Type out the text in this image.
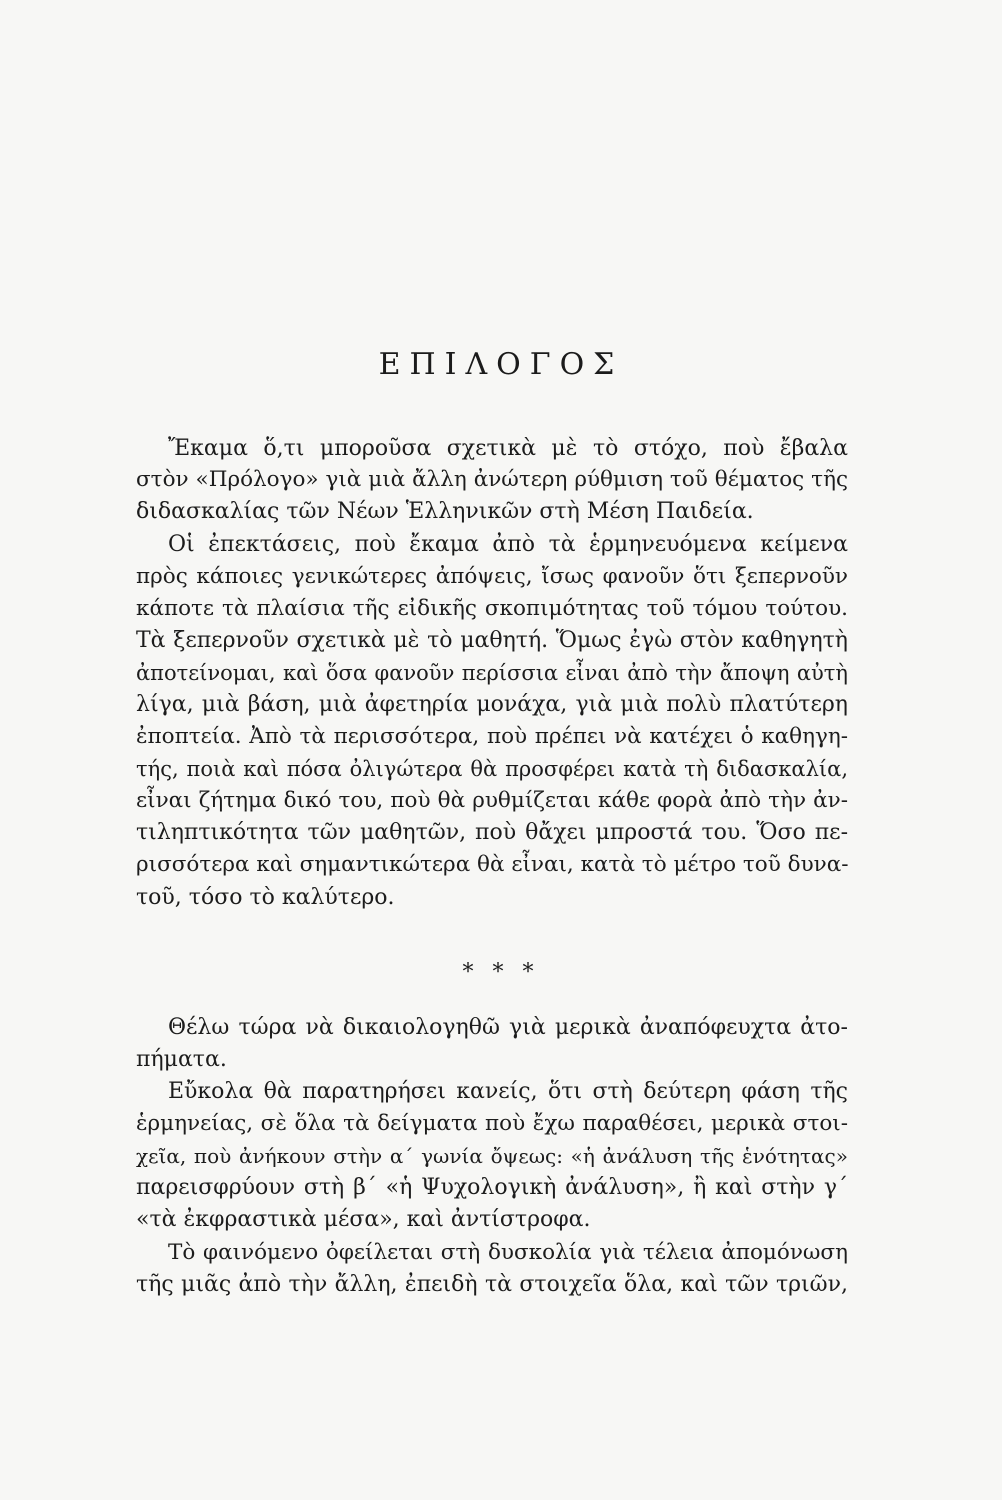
ΕΠΙΛΟΓΟΣ
Ἔκαμα ὅ,τι μποροῦσα σχετικὰ μὲ τὸ στόχο, ποὺ ἔβαλα
στὸν «Πρόλογο» γιὰ μιὰ ἄλλη ἀνώτερη ρύθμιση τοῦ θέματος τῆς
διδασκαλίας τῶν Νέων Ἑλληνικῶν στὴ Μέση Παιδεία.
Οἱ ἐπεκτάσεις, ποὺ ἔκαμα ἀπὸ τὰ ἑρμηνευόμενα κείμενα
πρὸς κάποιες γενικώτερες ἀπόψεις, ἴσως φανοῦν ὅτι ξεπερνοῦν
κάποτε τὰ πλαίσια τῆς εἰδικῆς σκοπιμότητας τοῦ τόμου τούτου.
Τὰ ξεπερνοῦν σχετικὰ μὲ τὸ μαθητή. Ὅμως ἐγὼ στὸν καθηγητὴ
ἀποτείνομαι, καὶ ὅσα φανοῦν περίσσια εἶναι ἀπὸ τὴν ἄποψη αὐτὴ
λίγα, μιὰ βάση, μιὰ ἀφετηρία μονάχα, γιὰ μιὰ πολὺ πλατύτερη
ἐποπτεία. Ἀπὸ τὰ περισσότερα, ποὺ πρέπει νὰ κατέχει ὁ καθηγη-
τής, ποιὰ καὶ πόσα ὀλιγώτερα θὰ προσφέρει κατὰ τὴ διδασκαλία,
εἶναι ζήτημα δικό του, ποὺ θὰ ρυθμίζεται κάθε φορὰ ἀπὸ τὴν ἀν-
τιληπτικότητα τῶν μαθητῶν, ποὺ θἄχει μπροστά του. Ὅσο πε-
ρισσότερα καὶ σημαντικώτερα θὰ εἶναι, κατὰ τὸ μέτρο τοῦ δυνα-
τοῦ, τόσο τὸ καλύτερο.
* * *
Θέλω τώρα νὰ δικαιολογηθῶ γιὰ μερικὰ ἀναπόφευχτα ἀτο-
πήματα.
Εὔκολα θὰ παρατηρήσει κανείς, ὅτι στὴ δεύτερη φάση τῆς
ἑρμηνείας, σὲ ὅλα τὰ δείγματα ποὺ ἔχω παραθέσει, μερικὰ στοι-
χεῖα, ποὺ ἀνήκουν στὴν α΄ γωνία ὄψεως: «ἡ ἀνάλυση τῆς ἑνότητας»
παρεισφρύουν στὴ β΄ «ἡ Ψυχολογικὴ ἀνάλυση», ἢ καὶ στὴν γ΄
«τὰ ἐκφραστικὰ μέσα», καὶ ἀντίστροφα.
Τὸ φαινόμενο ὀφείλεται στὴ δυσκολία γιὰ τέλεια ἀπομόνωση
τῆς μιᾶς ἀπὸ τὴν ἄλλη, ἐπειδὴ τὰ στοιχεῖα ὅλα, καὶ τῶν τριῶν,
